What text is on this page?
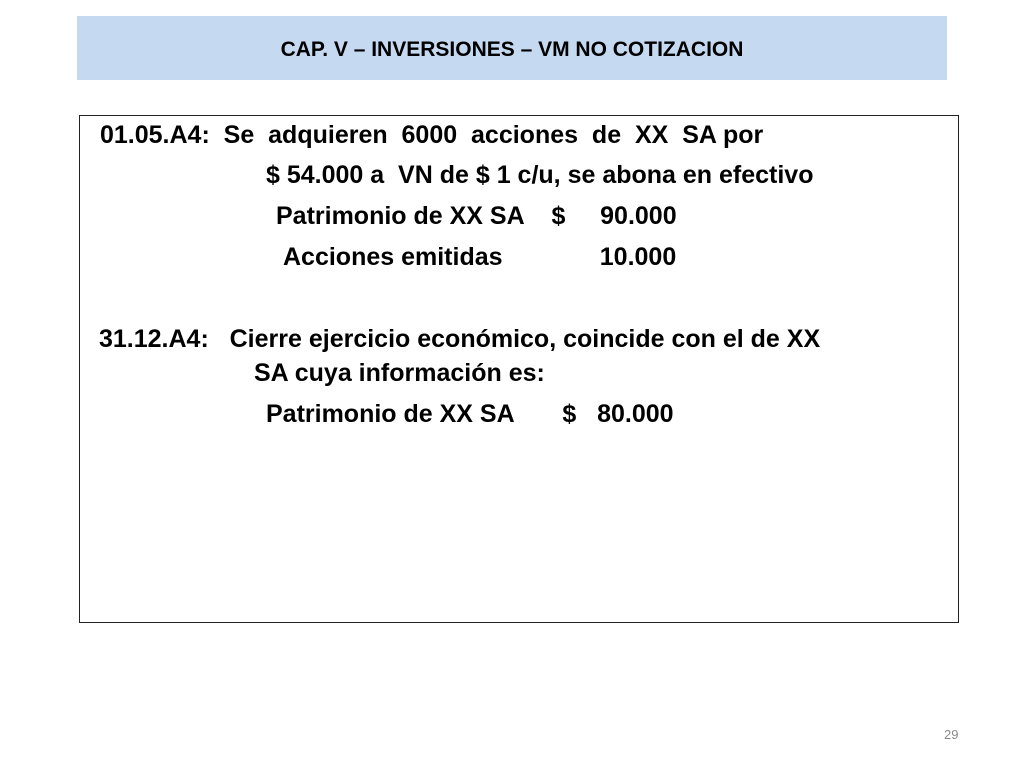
CAP. V – INVERSIONES – VM NO COTIZACION
01.05.A4:  Se  adquieren  6000  acciones  de  XX  SA por
$ 54.000 a  VN de $ 1 c/u, se abona en efectivo
Patrimonio de XX SA    $     90.000
Acciones emitidas              10.000
31.12.A4:   Cierre ejercicio económico, coincide con el de XX
SA cuya información es:
Patrimonio de XX SA       $   80.000
29
